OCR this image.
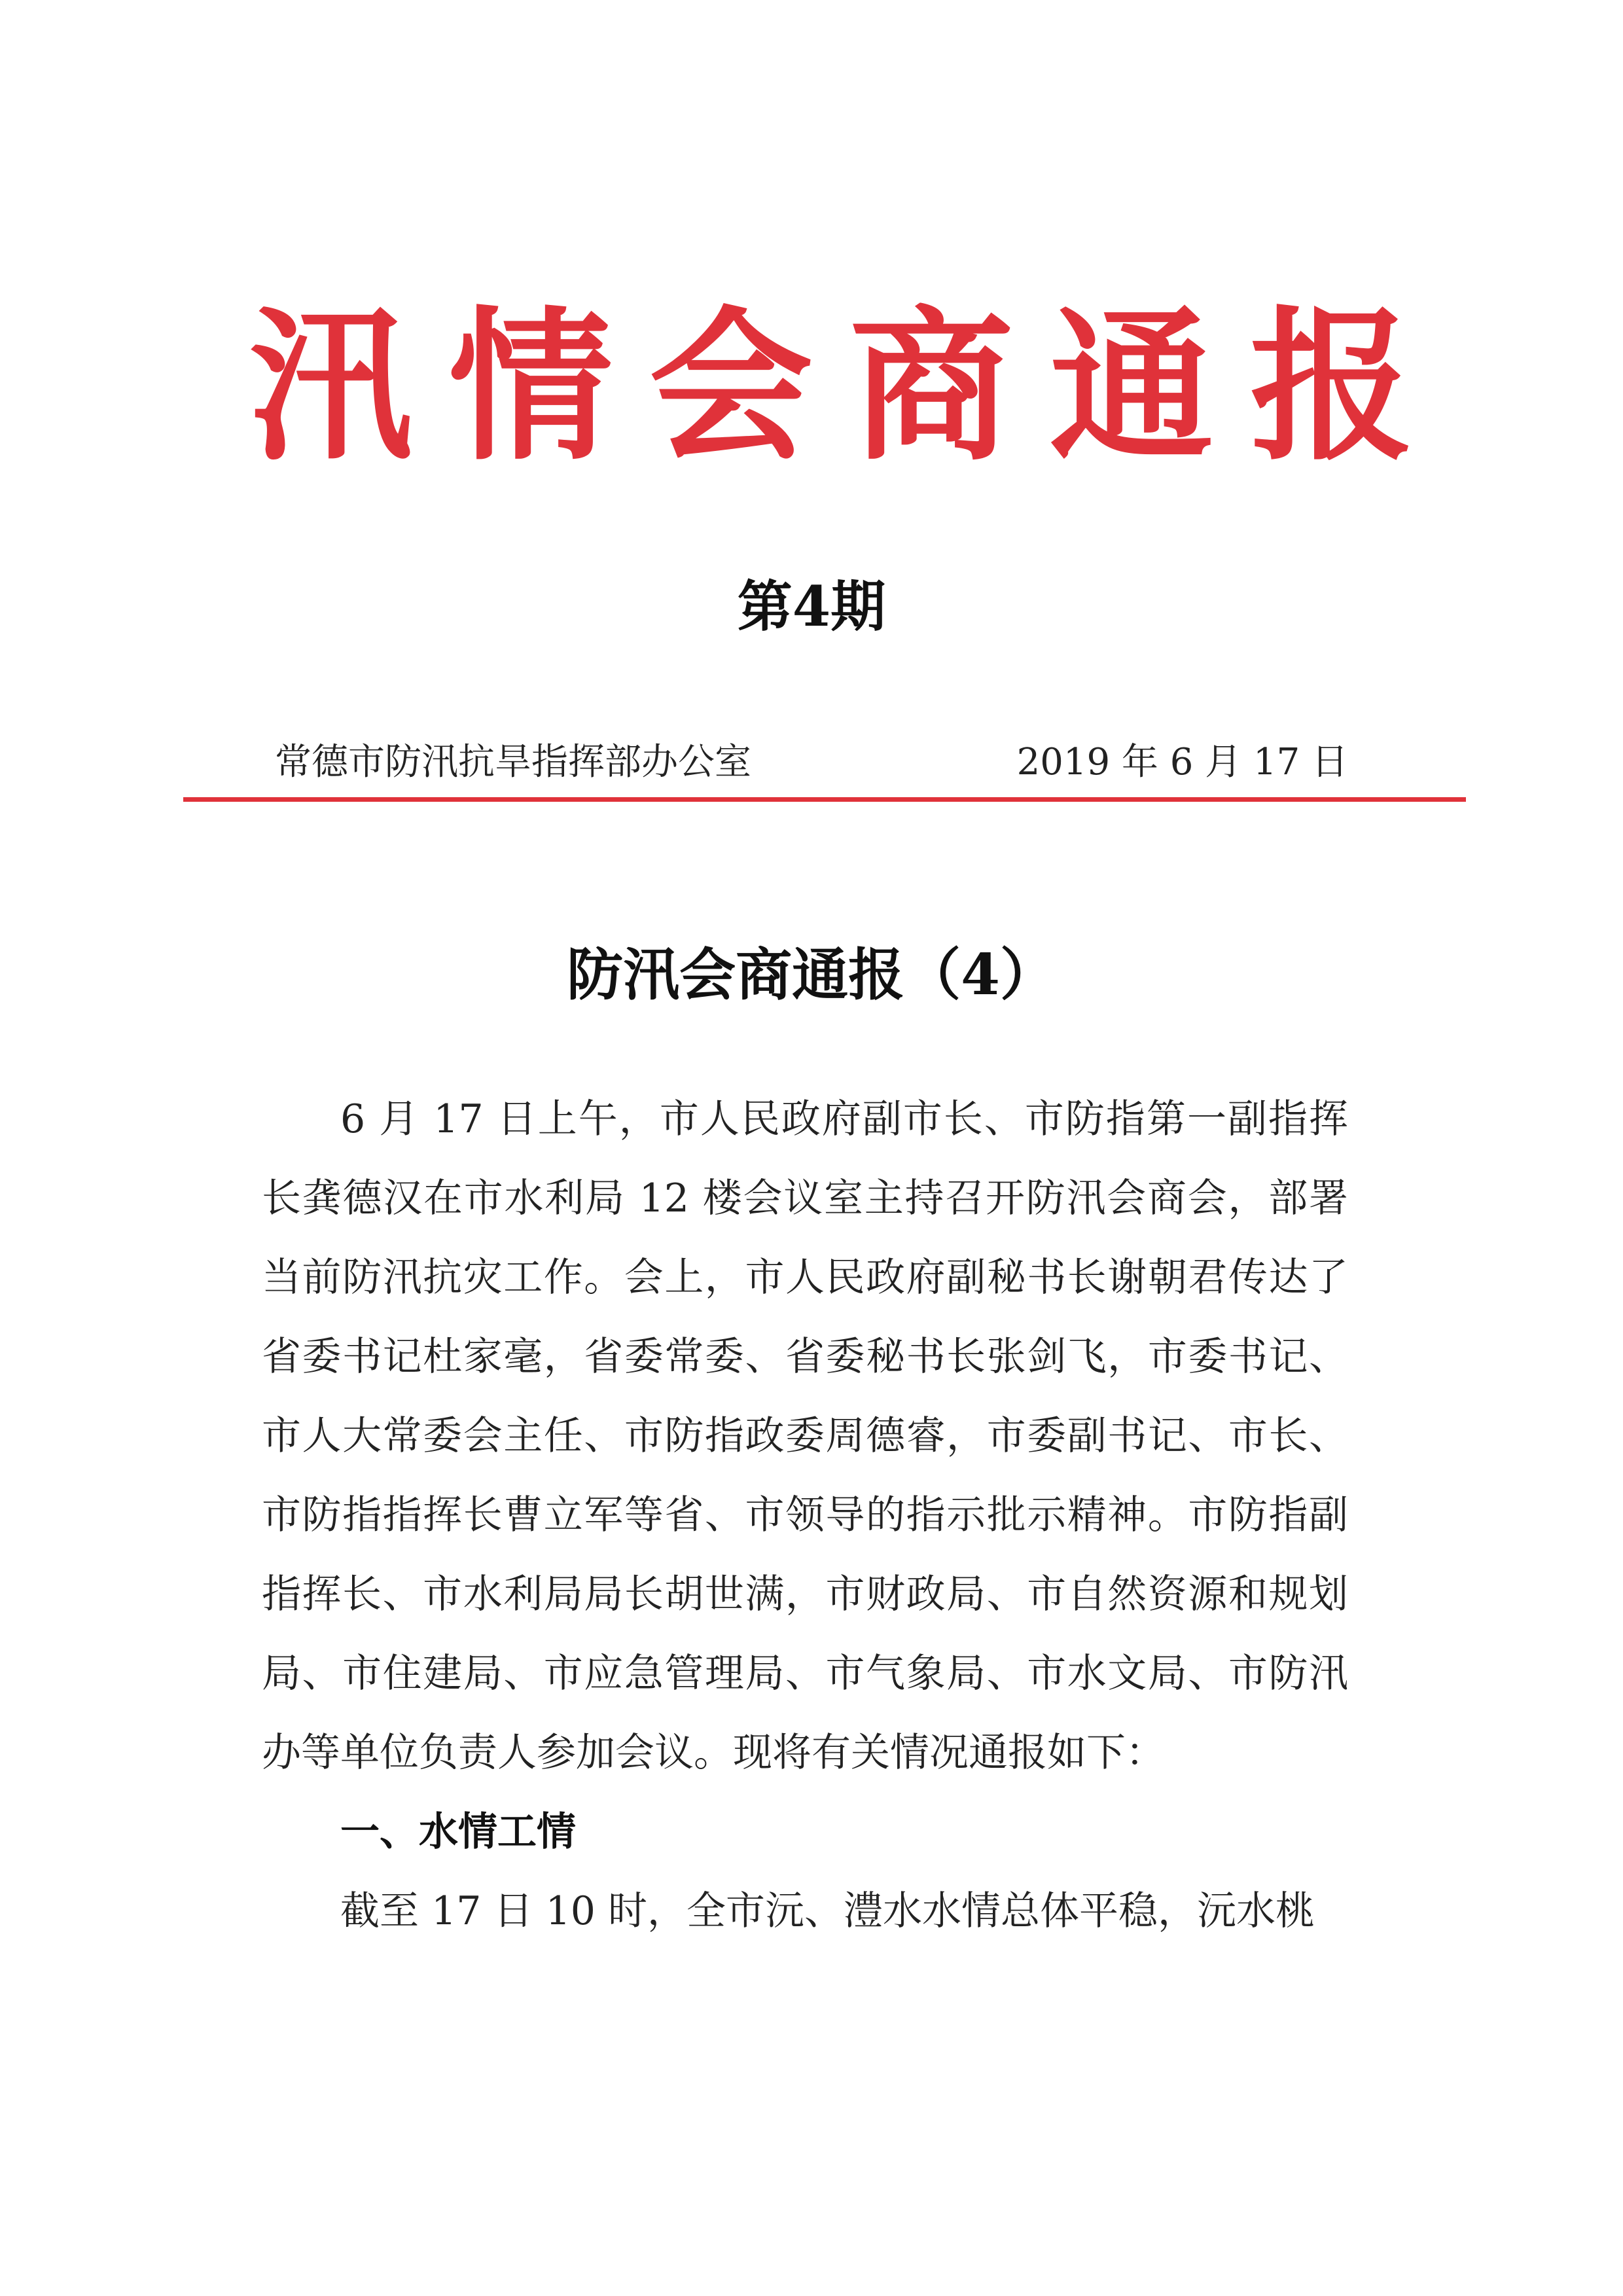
汛 情 会 商 通 报
第4期
常德市防汛抗旱指挥部办公室	2019 年 6 月 17 日
防汛会商通报（4）

6 月 17 日上午，市人民政府副市长、市防指第一副指挥长龚德汉在市水利局 12 楼会议室主持召开防汛会商会，部署当前防汛抗灾工作。会上，市人民政府副秘书长谢朝君传达了省委书记杜家毫，省委常委、省委秘书长张剑飞，市委书记、市人大常委会主任、市防指政委周德睿，市委副书记、市长、市防指指挥长曹立军等省、市领导的指示批示精神。市防指副指挥长、市水利局局长胡世满，市财政局、市自然资源和规划局、市住建局、市应急管理局、市气象局、市水文局、市防汛办等单位负责人参加会议。现将有关情况通报如下：

一、水情工情

截至 17 日 10 时，全市沅、澧水水情总体平稳，沅水桃
